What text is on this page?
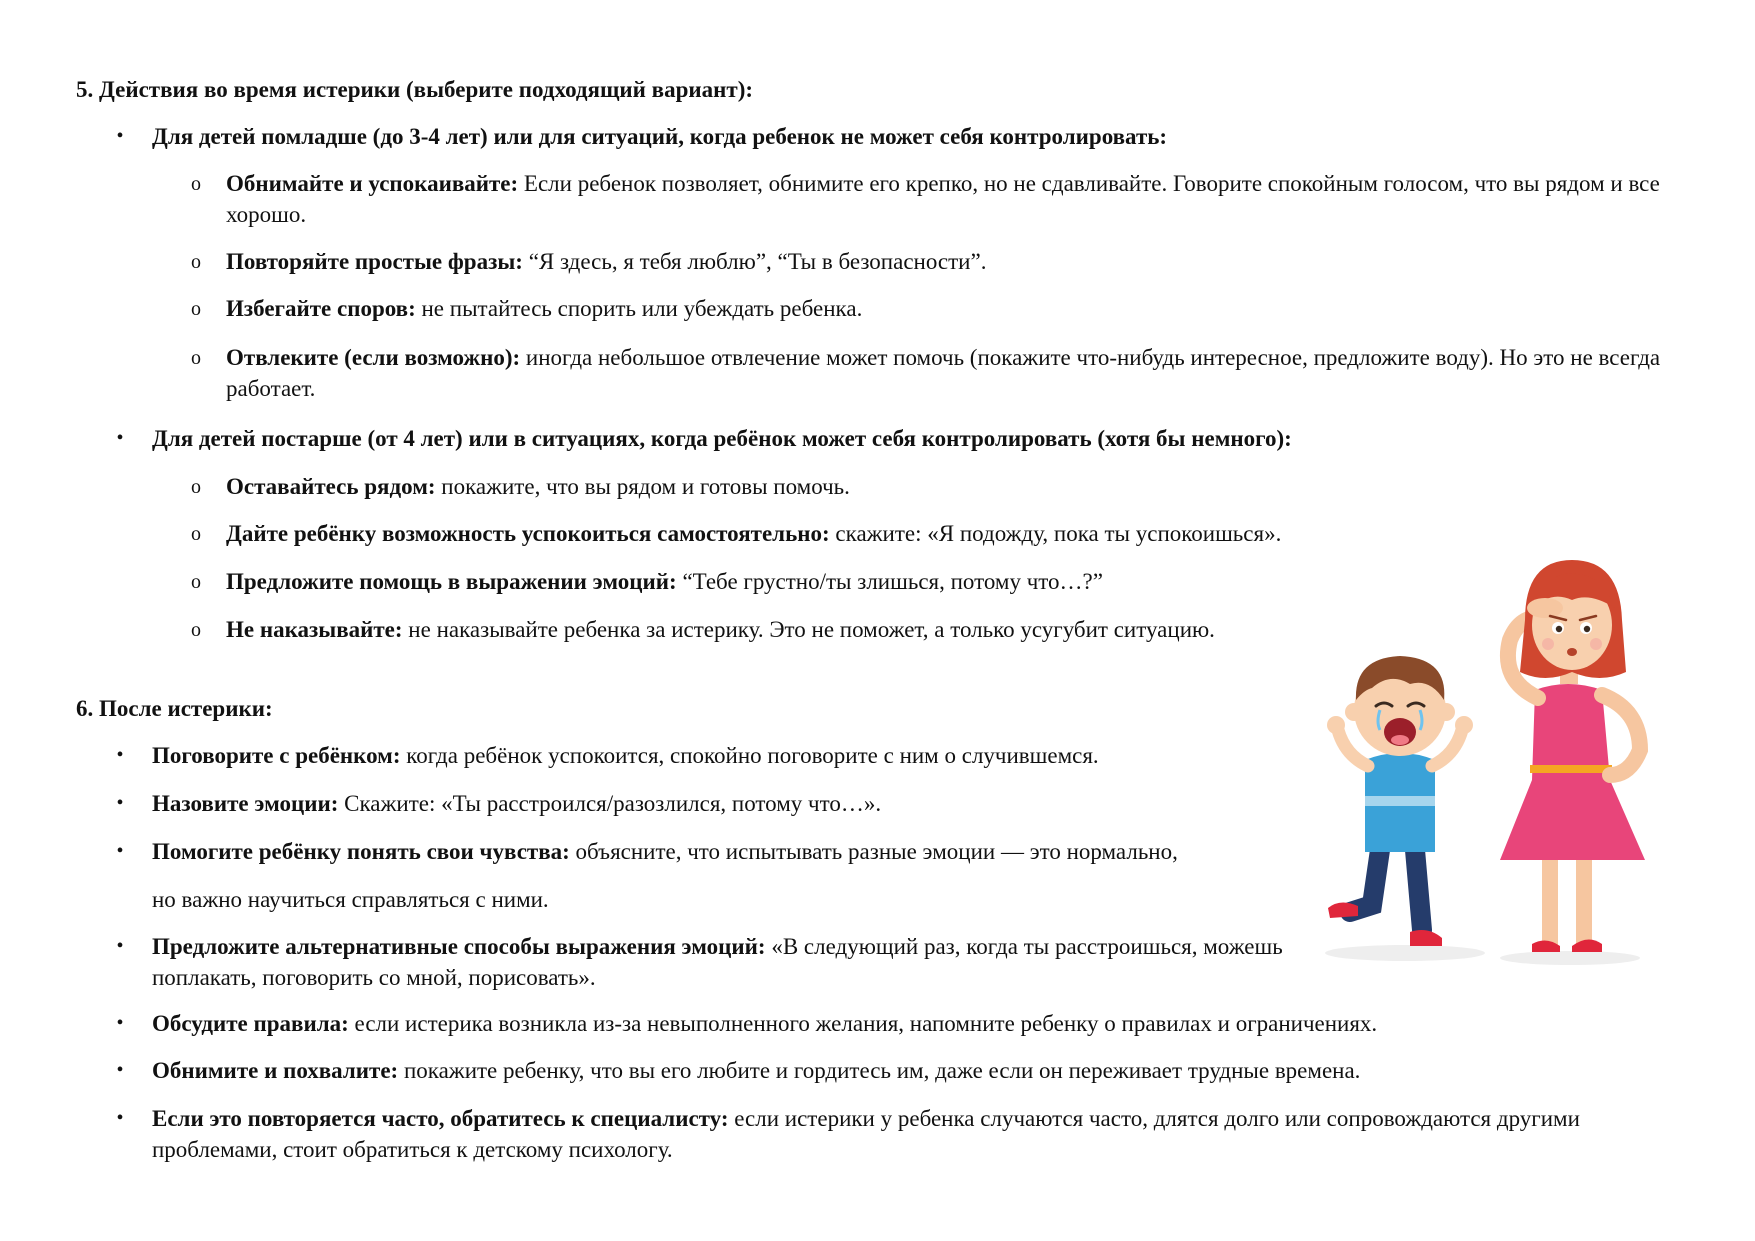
5. Действия во время истерики (выберите подходящий вариант):

• Для детей помладше (до 3-4 лет) или для ситуаций, когда ребенок не может себя контролировать:
o Обнимайте и успокаивайте: Если ребенок позволяет, обнимите его крепко, но не сдавливайте. Говорите спокойным голосом, что вы рядом и все хорошо.
o Повторяйте простые фразы: “Я здесь, я тебя люблю”, “Ты в безопасности”.
o Избегайте споров: не пытайтесь спорить или убеждать ребенка.
o Отвлеките (если возможно): иногда небольшое отвлечение может помочь (покажите что-нибудь интересное, предложите воду). Но это не всегда работает.
• Для детей постарше (от 4 лет) или в ситуациях, когда ребёнок может себя контролировать (хотя бы немного):
o Оставайтесь рядом: покажите, что вы рядом и готовы помочь.
o Дайте ребёнку возможность успокоиться самостоятельно: скажите: «Я подожду, пока ты успокоишься».
o Предложите помощь в выражении эмоций: “Тебе грустно/ты злишься, потому что…?”
o Не наказывайте: не наказывайте ребенка за истерику. Это не поможет, а только усугубит ситуацию.

6. После истерики:

• Поговорите с ребёнком: когда ребёнок успокоится, спокойно поговорите с ним о случившемся.
• Назовите эмоции: Скажите: «Ты расстроился/разозлился, потому что…».
• Помогите ребёнку понять свои чувства: объясните, что испытывать разные эмоции — это нормально,
но важно научиться справляться с ними.
• Предложите альтернативные способы выражения эмоций: «В следующий раз, когда ты расстроишься, можешь поплакать, поговорить со мной, порисовать».
• Обсудите правила: если истерика возникла из-за невыполненного желания, напомните ребенку о правилах и ограничениях.
• Обнимите и похвалите: покажите ребенку, что вы его любите и гордитесь им, даже если он переживает трудные времена.
• Если это повторяется часто, обратитесь к специалисту: если истерики у ребенка случаются часто, длятся долго или сопровождаются другими проблемами, стоит обратиться к детскому психологу.
